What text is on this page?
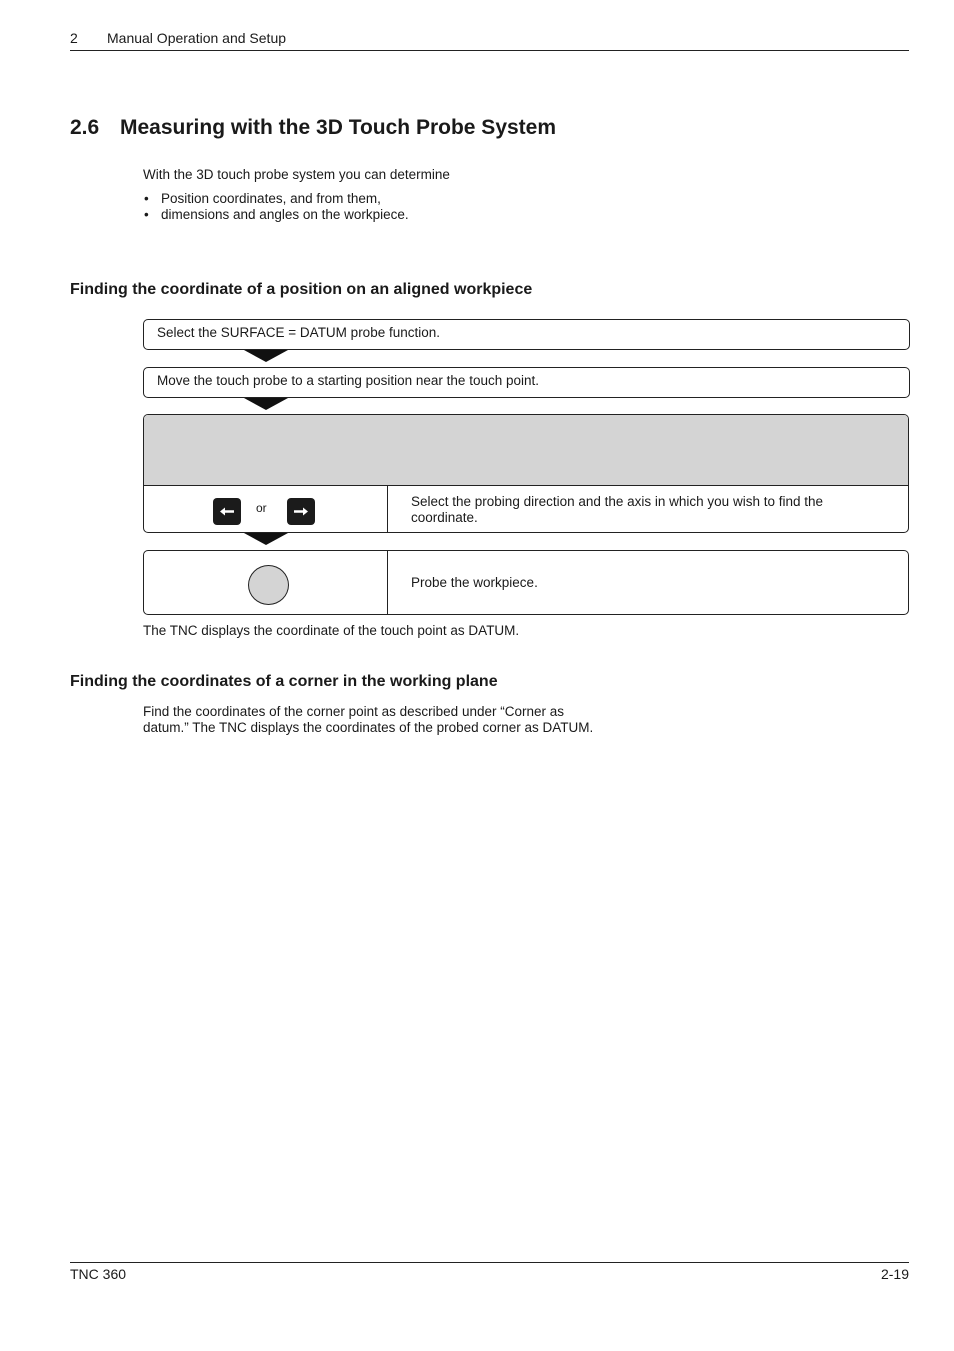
2 Manual Operation and Setup
2.6 Measuring with the 3D Touch Probe System

With the 3D touch probe system you can determine

• Position coordinates, and from them,
• dimensions and angles on the workpiece.
Finding the coordinate of a position on an aligned workpiece
Select the SURFACE = DATUM probe function.
Move the touch probe to a starting position near the touch point.
or	Select the probing direction and the axis in which you wish to find the coordinate.

Probe the workpiece.

The TNC displays the coordinate of the touch point as DATUM.

Finding the coordinates of a corner in the working plane

Find the coordinates of the corner point as described under “Corner as datum.” The TNC displays the coordinates of the probed corner as DATUM.

TNC 360	2-19
